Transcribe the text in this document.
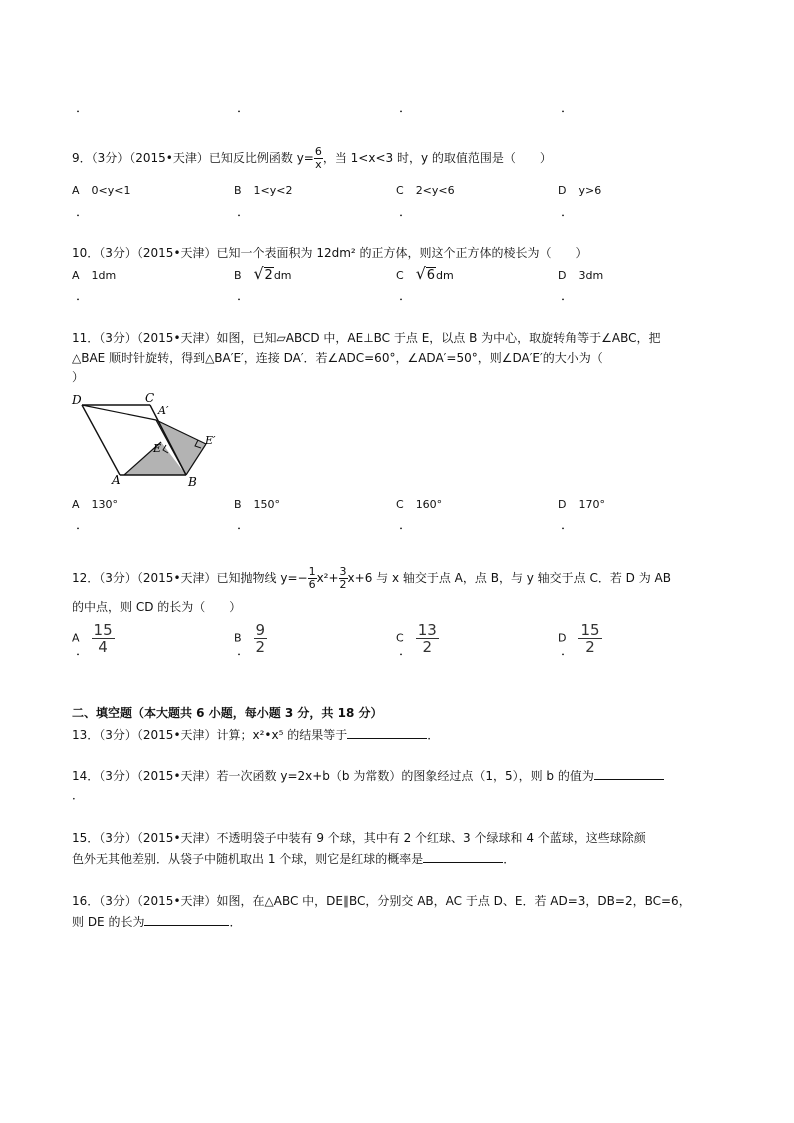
．	．	．	．
9．（3分）（2015•天津）已知反比例函数 $y= \frac{6}{x}$ ，当 1<x<3 时，y 的取值范围是（　　）
A 0<y<1	B 1<y<2	C 2<y<6	D y>6
．	．	．	．
10．（3分）（2015•天津）已知一个表面积为 12dm² 的正方体，则这个正方体的棱长为（　　）
A 1dm	B √ 2dm	C √ 6dm	D 3dm
．	．	．	．
11．（3分）（2015•天津）如图，已知▱ABCD 中，AE⊥BC 于点 E，以点 B 为中心，取旋转角等于∠ABC，把
△BAE 顺时针旋转，得到△BA′E′，连接 DA′．若∠ADC=60°，∠ADA′=50°，则∠DA′E′的大小为（
）
D	C
A′
E′
E
A	B
A 130°	B 150°	C 160°	D 170°
．	．	．	．
12．（3分）（2015•天津）已知抛物线 $y=- \frac{1}{6} x^2+ \frac{3}{2} x+6$ 与 x 轴交于点 A，点 B，与 y 轴交于点 C．若 D 为 AB
的中点，则 CD 的长为（　　）
A $\frac{15}{4}$	B $\frac{9}{2}$	C $\frac{13}{2}$	D $\frac{15}{2}$
．	．	．	．
二、填空题（本大题共 6 小题，每小题 3 分，共 18 分）
13．（3分）（2015•天津）计算；x²•x⁵ 的结果等于	．
14．（3分）（2015•天津）若一次函数 y=2x+b（b 为常数）的图象经过点（1，5），则 b 的值为
．
15．（3分）（2015•天津）不透明袋子中装有 9 个球，其中有 2 个红球、3 个绿球和 4 个蓝球，这些球除颜
色外无其他差别．从袋子中随机取出 1 个球，则它是红球的概率是	．
16．（3分）（2015•天津）如图，在△ABC 中，DE∥BC，分别交 AB，AC 于点 D、E．若 AD=3，DB=2，BC=6，
则 DE 的长为	．
